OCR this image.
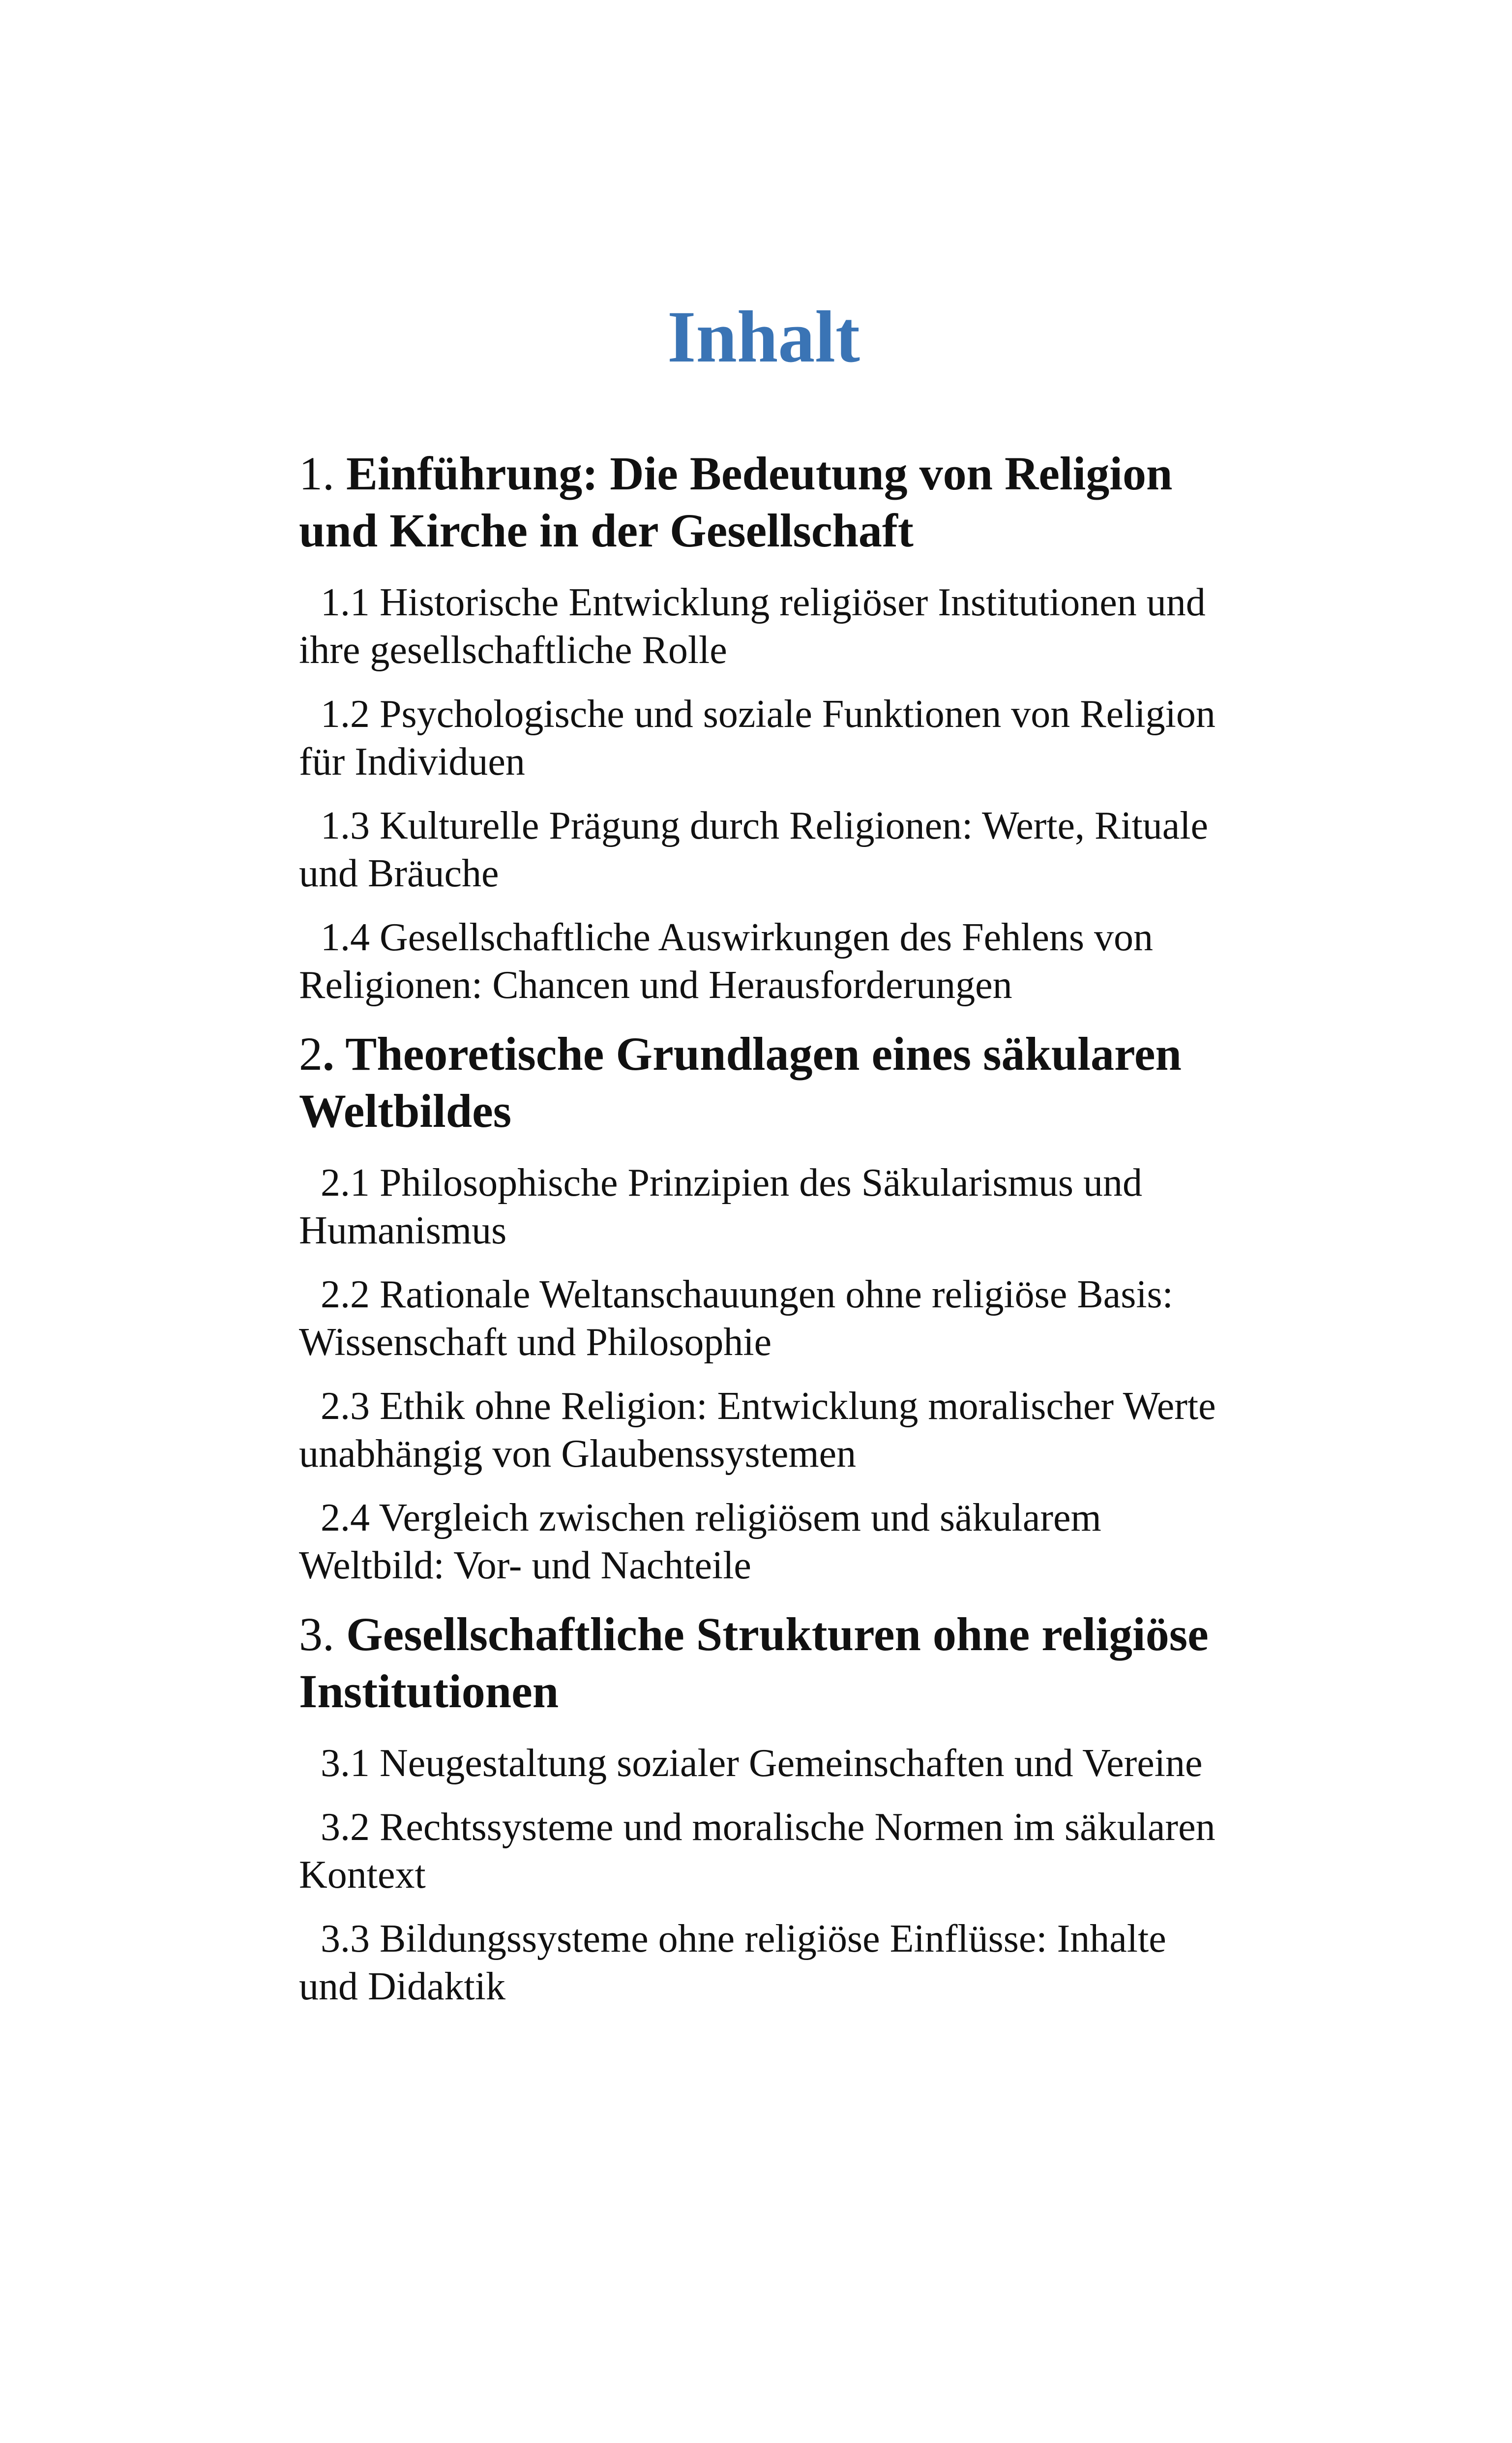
Inhalt
1. Einführung: Die Bedeutung von Religion und Kirche in der Gesellschaft

1.1 Historische Entwicklung religiöser Institutionen und ihre gesellschaftliche Rolle

1.2 Psychologische und soziale Funktionen von Religion für Individuen

1.3 Kulturelle Prägung durch Religionen: Werte, Rituale und Bräuche

1.4 Gesellschaftliche Auswirkungen des Fehlens von Religionen: Chancen und Herausforderungen

2. Theoretische Grundlagen eines säkularen Weltbildes

2.1 Philosophische Prinzipien des Säkularismus und Humanismus

2.2 Rationale Weltanschauungen ohne religiöse Basis: Wissenschaft und Philosophie

2.3 Ethik ohne Religion: Entwicklung moralischer Werte unabhängig von Glaubenssystemen

2.4 Vergleich zwischen religiösem und säkularem Weltbild: Vor- und Nachteile

3. Gesellschaftliche Strukturen ohne religiöse Institutionen

3.1 Neugestaltung sozialer Gemeinschaften und Vereine

3.2 Rechtssysteme und moralische Normen im säkularen Kontext

3.3 Bildungssysteme ohne religiöse Einflüsse: Inhalte und Didaktik
